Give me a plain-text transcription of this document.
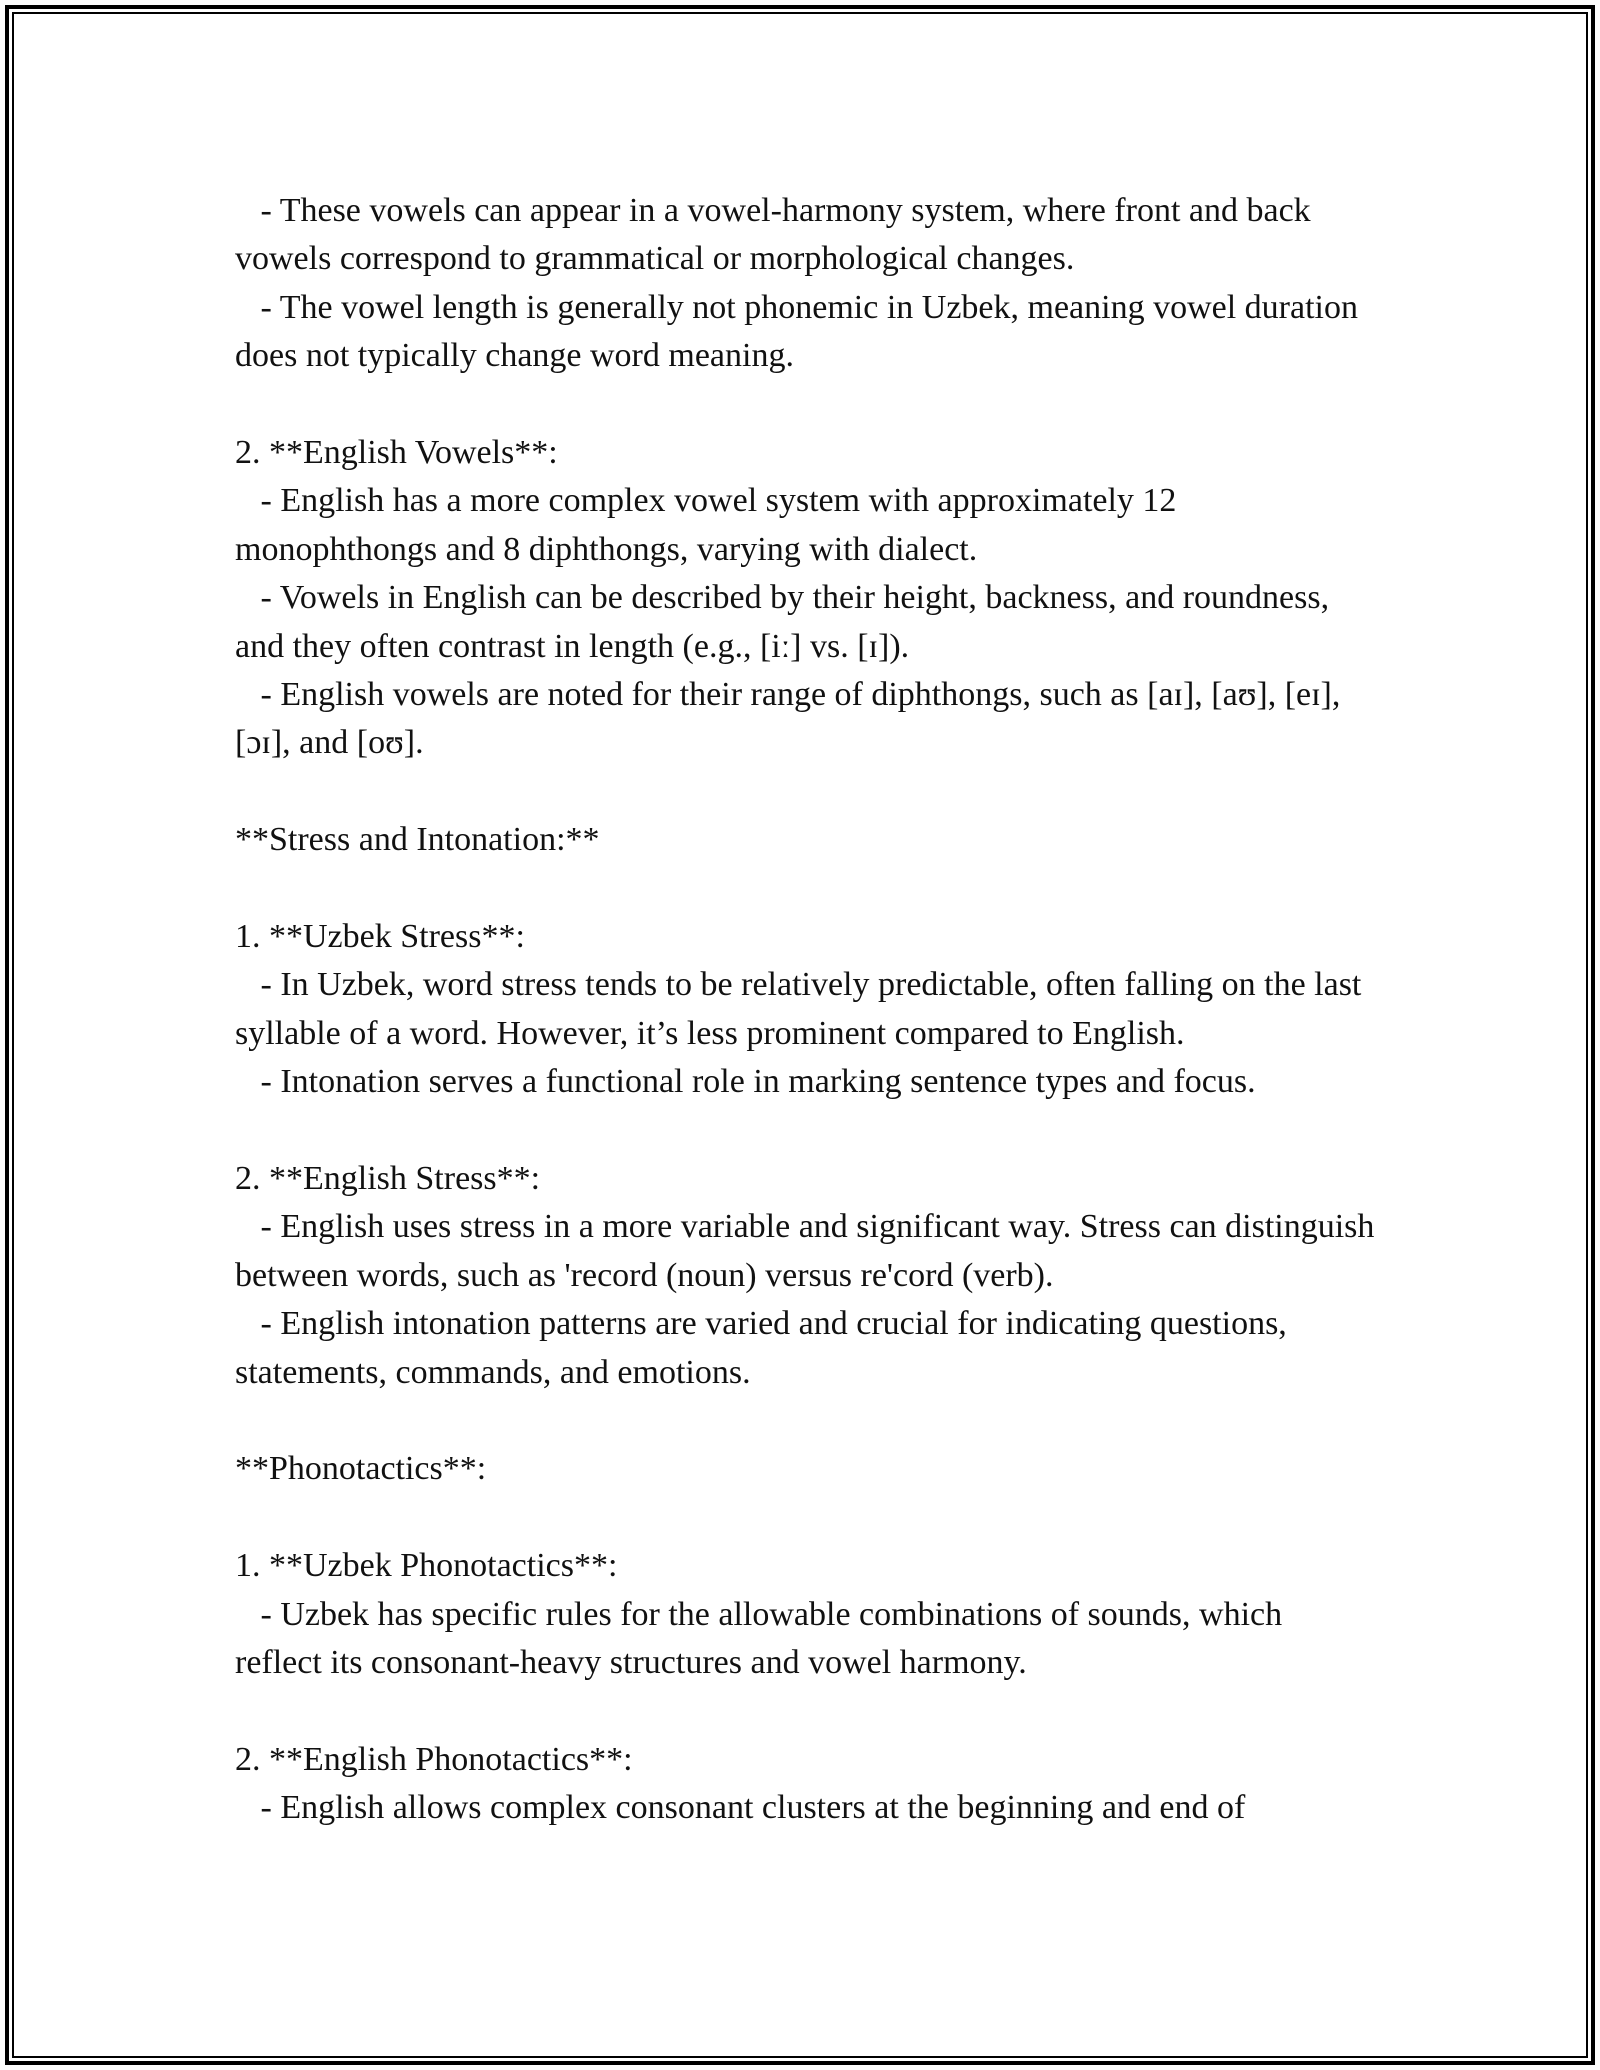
- These vowels can appear in a vowel-harmony system, where front and back vowels correspond to grammatical or morphological changes.

- The vowel length is generally not phonemic in Uzbek, meaning vowel duration does not typically change word meaning.

2. **English Vowels**:

- English has a more complex vowel system with approximately 12 monophthongs and 8 diphthongs, varying with dialect.

- Vowels in English can be described by their height, backness, and roundness, and they often contrast in length (e.g., [iː] vs. [ɪ]).

- English vowels are noted for their range of diphthongs, such as [aɪ], [aʊ], [eɪ], [ɔɪ], and [oʊ].

**Stress and Intonation:**

1. **Uzbek Stress**:

- In Uzbek, word stress tends to be relatively predictable, often falling on the last syllable of a word. However, it’s less prominent compared to English.

- Intonation serves a functional role in marking sentence types and focus.

2. **English Stress**:

- English uses stress in a more variable and significant way. Stress can distinguish between words, such as 'record (noun) versus re'cord (verb).

- English intonation patterns are varied and crucial for indicating questions, statements, commands, and emotions.

**Phonotactics**:

1. **Uzbek Phonotactics**:

- Uzbek has specific rules for the allowable combinations of sounds, which reflect its consonant-heavy structures and vowel harmony.

2. **English Phonotactics**:

- English allows complex consonant clusters at the beginning and end of
